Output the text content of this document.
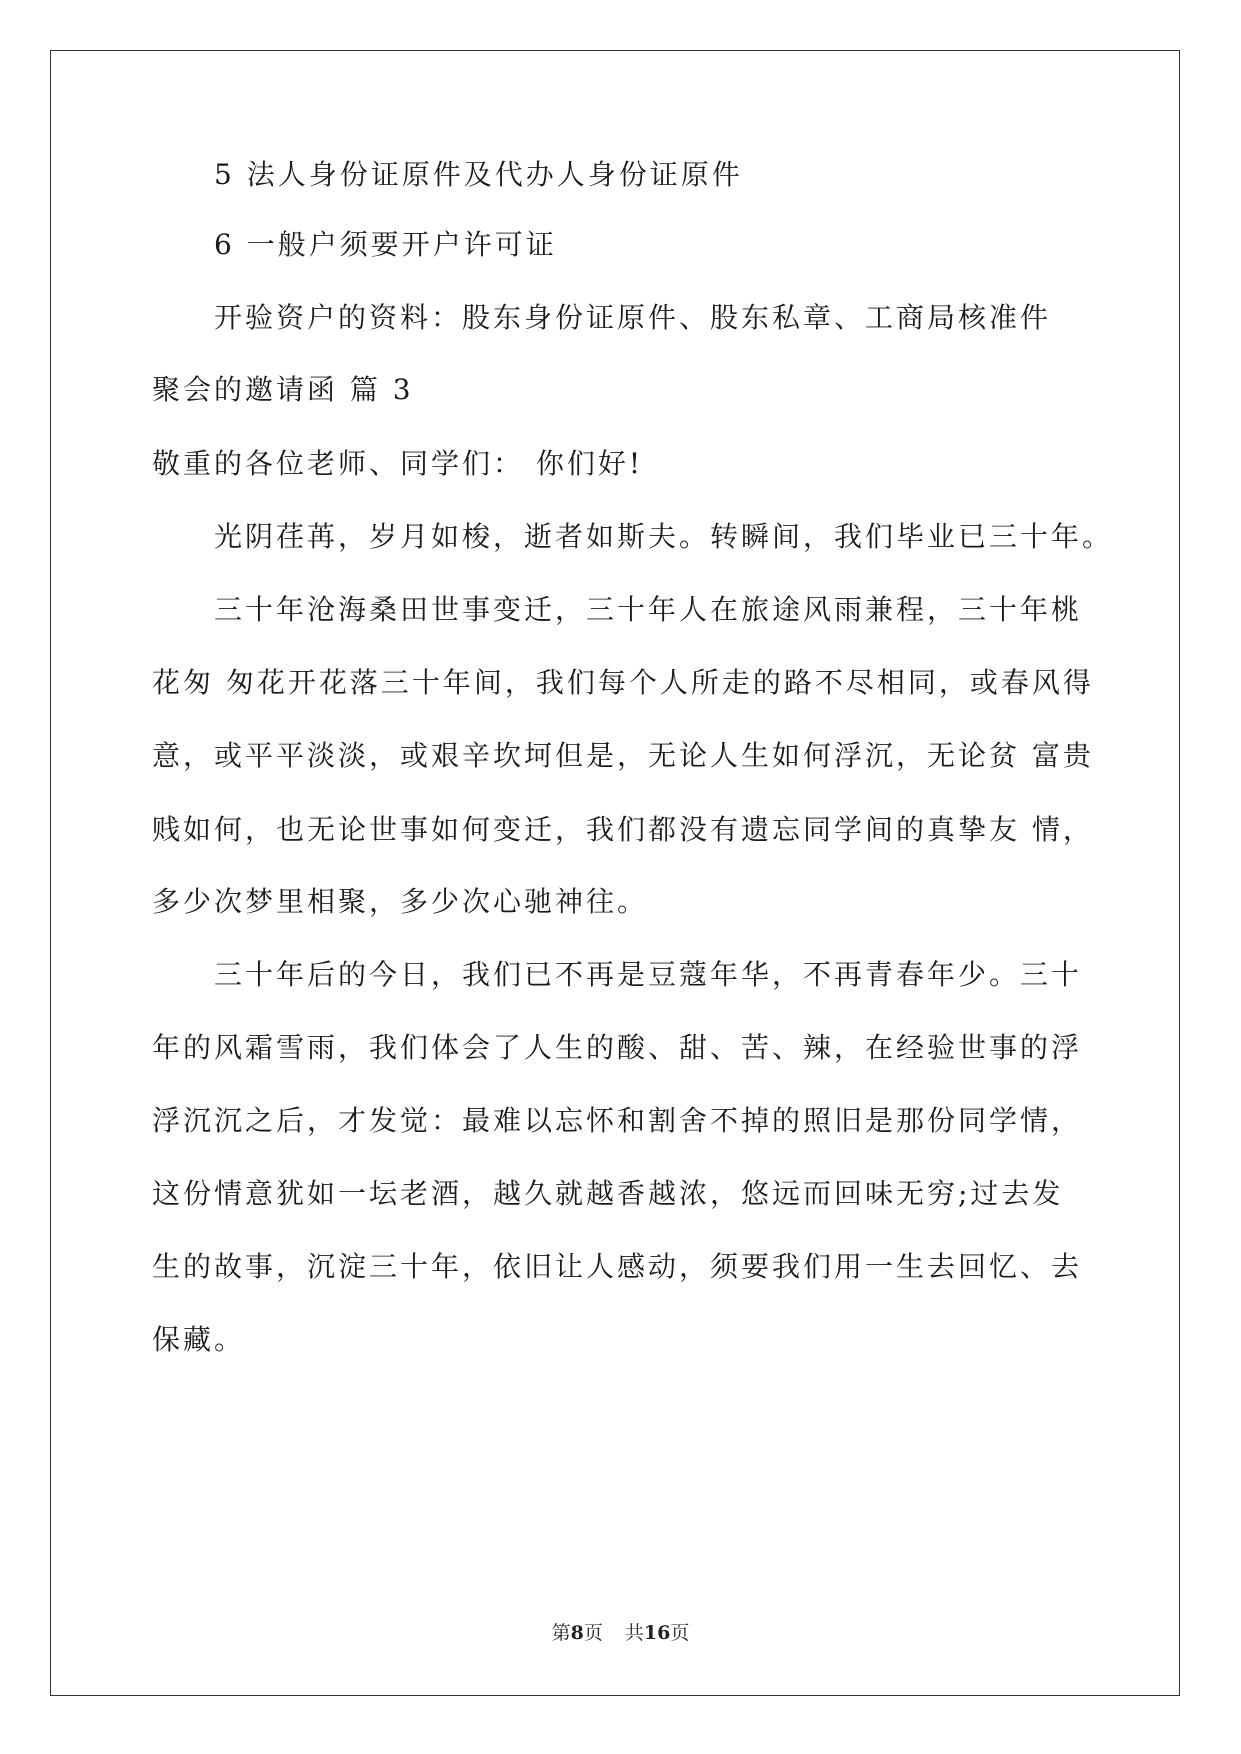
5 法人身份证原件及代办人身份证原件
6 一般户须要开户许可证
开验资户的资料：股东身份证原件、股东私章、工商局核准件
聚会的邀请函 篇 3
敬重的各位老师、同学们： 你们好!
光阴荏苒，岁月如梭，逝者如斯夫。转瞬间，我们毕业已三十年。
三十年沧海桑田世事变迁，三十年人在旅途风雨兼程，三十年桃
花匆 匆花开花落三十年间，我们每个人所走的路不尽相同，或春风得
意，或平平淡淡，或艰辛坎坷但是，无论人生如何浮沉，无论贫 富贵
贱如何，也无论世事如何变迁，我们都没有遗忘同学间的真挚友 情，
多少次梦里相聚，多少次心驰神往。
三十年后的今日，我们已不再是豆蔻年华，不再青春年少。三十
年的风霜雪雨，我们体会了人生的酸、甜、苦、辣，在经验世事的浮
浮沉沉之后，才发觉：最难以忘怀和割舍不掉的照旧是那份同学情，
这份情意犹如一坛老酒，越久就越香越浓，悠远而回味无穷;过去发
生的故事，沉淀三十年，依旧让人感动，须要我们用一生去回忆、去
保藏。
第8页 共16页
